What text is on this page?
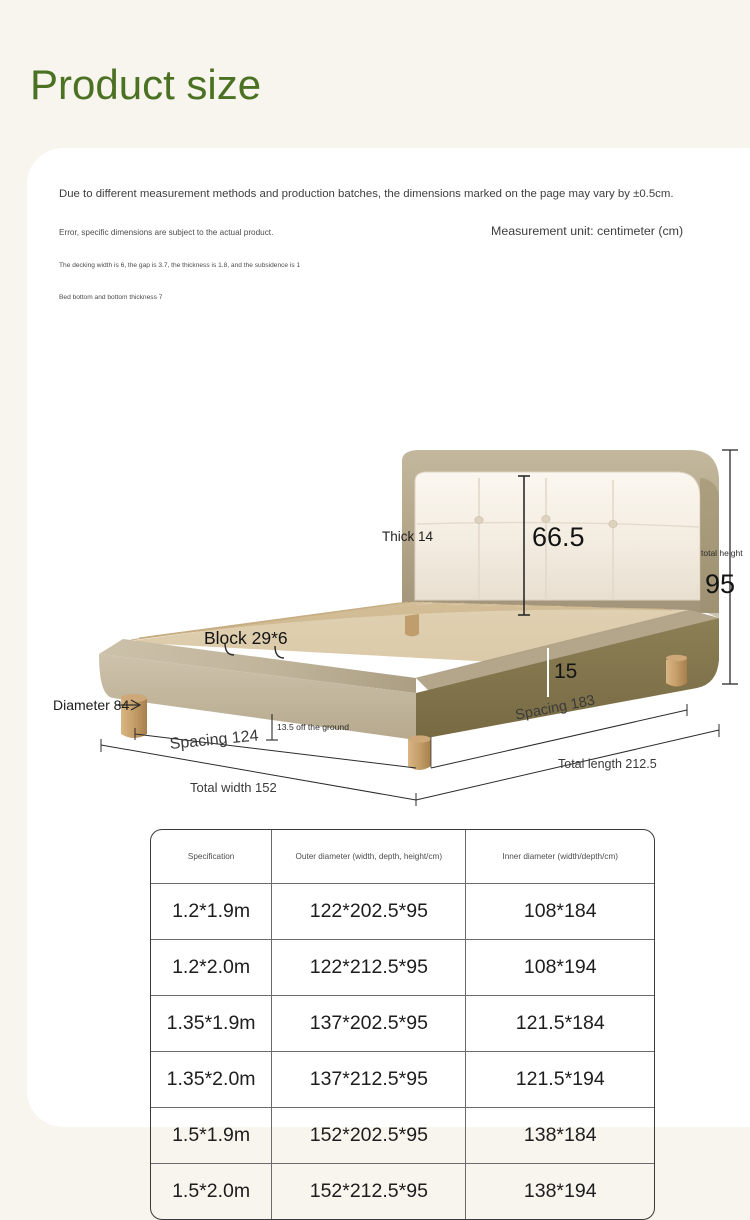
Product size
Due to different measurement methods and production batches, the dimensions marked on the page may vary by ±0.5cm.
Error, specific dimensions are subject to the actual product.
The decking width is 6, the gap is 3.7, the thickness is 1.8, and the subsidence is 1
Bed bottom and bottom thickness 7
Measurement unit: centimeter (cm)
Thick 14	66.5
total height
95
15
Block 29*6
Diameter 84
13.5 off the ground
Spacing 124
Total width 152
Spacing 183
Total length 212.5
Specification	Outer diameter (width, depth, height/cm)	Inner diameter (width/depth/cm)
1.2*1.9m	122*202.5*95	108*184
1.2*2.0m	122*212.5*95	108*194
1.35*1.9m	137*202.5*95	121.5*184
1.35*2.0m	137*212.5*95	121.5*194
1.5*1.9m	152*202.5*95	138*184
1.5*2.0m	152*212.5*95	138*194
